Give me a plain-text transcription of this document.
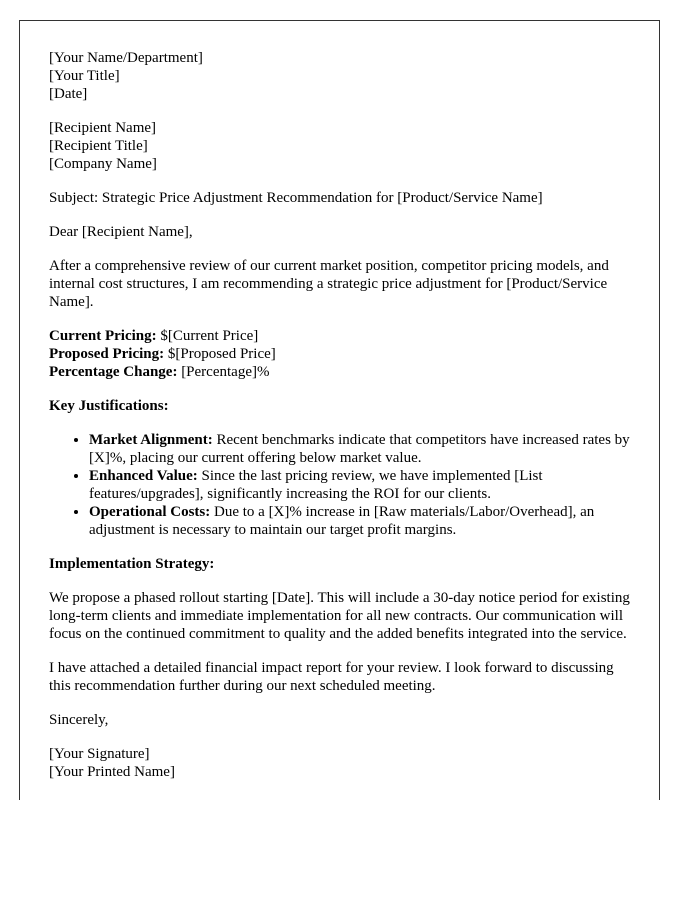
[Your Name/Department]
[Your Title]
[Date]
[Recipient Name]
[Recipient Title]
[Company Name]

Subject: Strategic Price Adjustment Recommendation for [Product/Service Name]

Dear [Recipient Name],

After a comprehensive review of our current market position, competitor pricing models, and internal cost structures, I am recommending a strategic price adjustment for [Product/Service Name].

Current Pricing: $[Current Price]
Proposed Pricing: $[Proposed Price]
Percentage Change: [Percentage]%
Key Justifications:
• Market Alignment: Recent benchmarks indicate that competitors have increased rates by [X]%, placing our current offering below market value.
• Enhanced Value: Since the last pricing review, we have implemented [List features/upgrades], significantly increasing the ROI for our clients.
• Operational Costs: Due to a [X]% increase in [Raw materials/Labor/Overhead], an adjustment is necessary to maintain our target profit margins.
Implementation Strategy:

We propose a phased rollout starting [Date]. This will include a 30-day notice period for existing long-term clients and immediate implementation for all new contracts. Our communication will focus on the continued commitment to quality and the added benefits integrated into the service.

I have attached a detailed financial impact report for your review. I look forward to discussing this recommendation further during our next scheduled meeting.

Sincerely,

[Your Signature]
[Your Printed Name]
